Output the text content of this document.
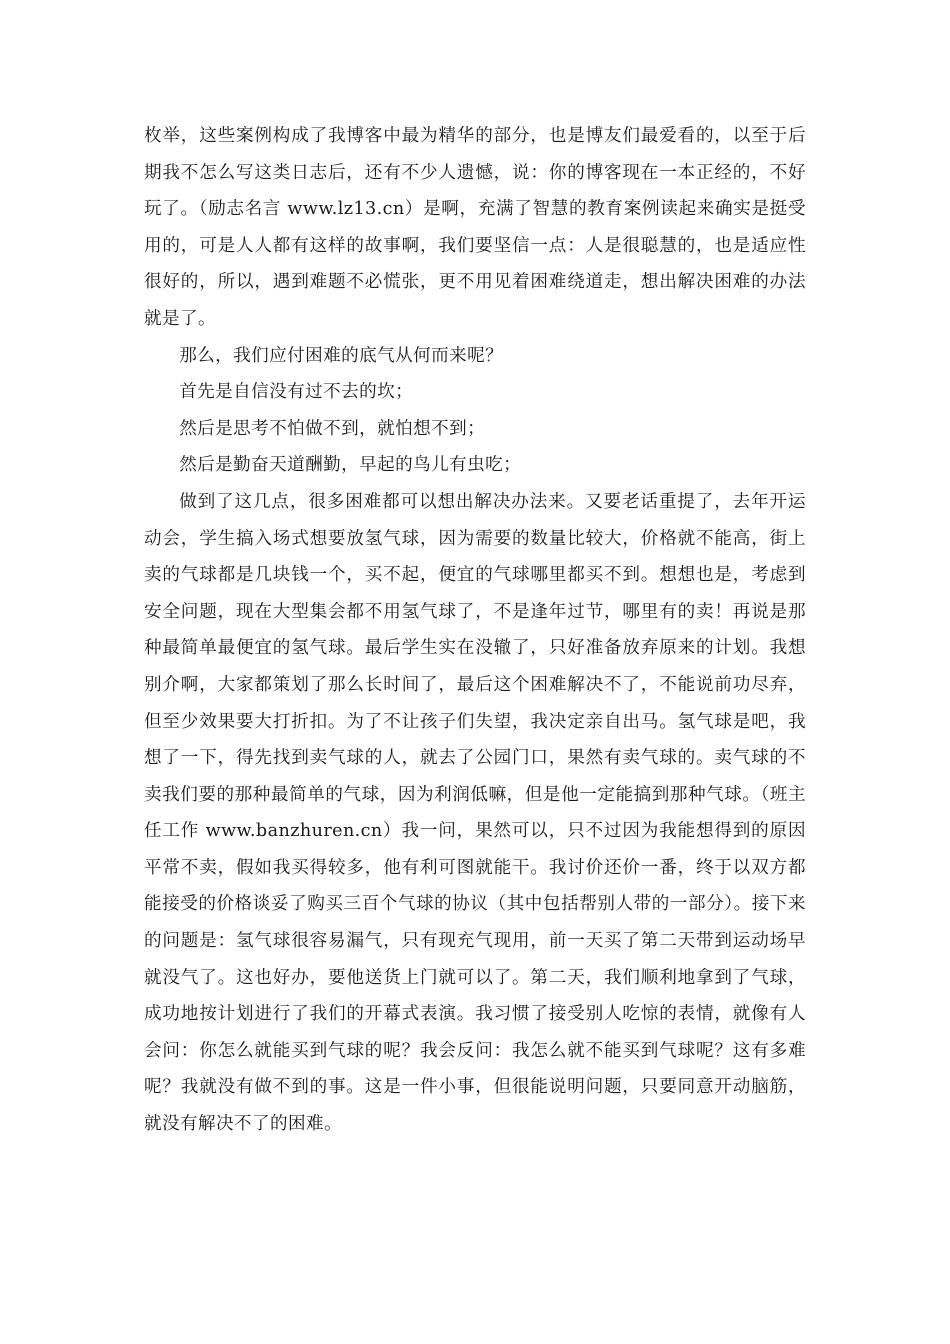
枚举，这些案例构成了我博客中最为精华的部分，也是博友们最爱看的，以至于后期我不怎么写这类日志后，还有不少人遗憾，说：你的博客现在一本正经的，不好玩了。（励志名言 www.lz13.cn）是啊，充满了智慧的教育案例读起来确实是挺受用的，可是人人都有这样的故事啊，我们要坚信一点：人是很聪慧的，也是适应性很好的，所以，遇到难题不必慌张，更不用见着困难绕道走，想出解决困难的办法就是了。

那么，我们应付困难的底气从何而来呢？

首先是自信没有过不去的坎；

然后是思考不怕做不到，就怕想不到；

然后是勤奋天道酬勤，早起的鸟儿有虫吃；

做到了这几点，很多困难都可以想出解决办法来。又要老话重提了，去年开运动会，学生搞入场式想要放氢气球，因为需要的数量比较大，价格就不能高，街上卖的气球都是几块钱一个，买不起，便宜的气球哪里都买不到。想想也是，考虑到安全问题，现在大型集会都不用氢气球了，不是逢年过节，哪里有的卖！再说是那种最简单最便宜的氢气球。最后学生实在没辙了，只好准备放弃原来的计划。我想别介啊，大家都策划了那么长时间了，最后这个困难解决不了，不能说前功尽弃，但至少效果要大打折扣。为了不让孩子们失望，我决定亲自出马。氢气球是吧，我想了一下，得先找到卖气球的人，就去了公园门口，果然有卖气球的。卖气球的不卖我们要的那种最简单的气球，因为利润低嘛，但是他一定能搞到那种气球。（班主任工作 www.banzhuren.cn）我一问，果然可以，只不过因为我能想得到的原因平常不卖，假如我买得较多，他有利可图就能干。我讨价还价一番，终于以双方都能接受的价格谈妥了购买三百个气球的协议（其中包括帮别人带的一部分）。接下来的问题是：氢气球很容易漏气，只有现充气现用，前一天买了第二天带到运动场早就没气了。这也好办，要他送货上门就可以了。第二天，我们顺利地拿到了气球，成功地按计划进行了我们的开幕式表演。我习惯了接受别人吃惊的表情，就像有人会问：你怎么就能买到气球的呢？我会反问：我怎么就不能买到气球呢？这有多难呢？我就没有做不到的事。这是一件小事，但很能说明问题，只要同意开动脑筋，就没有解决不了的困难。
